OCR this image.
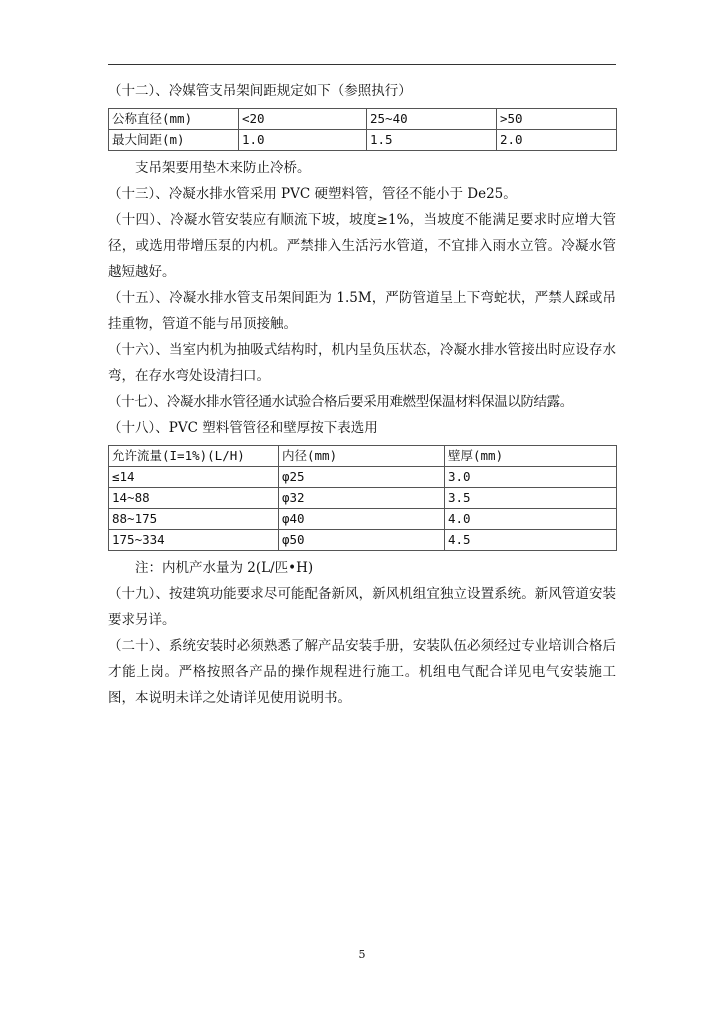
（十二）、冷媒管支吊架间距规定如下（参照执行）
公称直径(mm)	<20	25~40	>50
最大间距(m)	1.0	1.5	2.0
支吊架要用垫木来防止冷桥。
（十三）、冷凝水排水管采用 PVC 硬塑料管，管径不能小于 De25。
（十四）、冷凝水管安装应有顺流下坡，坡度≥1%，当坡度不能满足要求时应增大管径，或选用带增压泵的内机。严禁排入生活污水管道，不宜排入雨水立管。冷凝水管越短越好。
（十五）、冷凝水排水管支吊架间距为 1.5M，严防管道呈上下弯蛇状，严禁人踩或吊挂重物，管道不能与吊顶接触。
（十六）、当室内机为抽吸式结构时，机内呈负压状态，冷凝水排水管接出时应设存水弯，在存水弯处设清扫口。
（十七）、冷凝水排水管径通水试验合格后要采用难燃型保温材料保温以防结露。
（十八）、PVC 塑料管管径和壁厚按下表选用
允许流量(I=1%)(L/H)	内径(mm)	壁厚(mm)
≤14	φ25	3.0
14~88	φ32	3.5
88~175	φ40	4.0
175~334	φ50	4.5
注：内机产水量为 2(L/匹•H)
（十九）、按建筑功能要求尽可能配备新风，新风机组宜独立设置系统。新风管道安装要求另详。
（二十）、系统安装时必须熟悉了解产品安装手册，安装队伍必须经过专业培训合格后才能上岗。严格按照各产品的操作规程进行施工。机组电气配合详见电气安装施工图，本说明未详之处请详见使用说明书。
5
